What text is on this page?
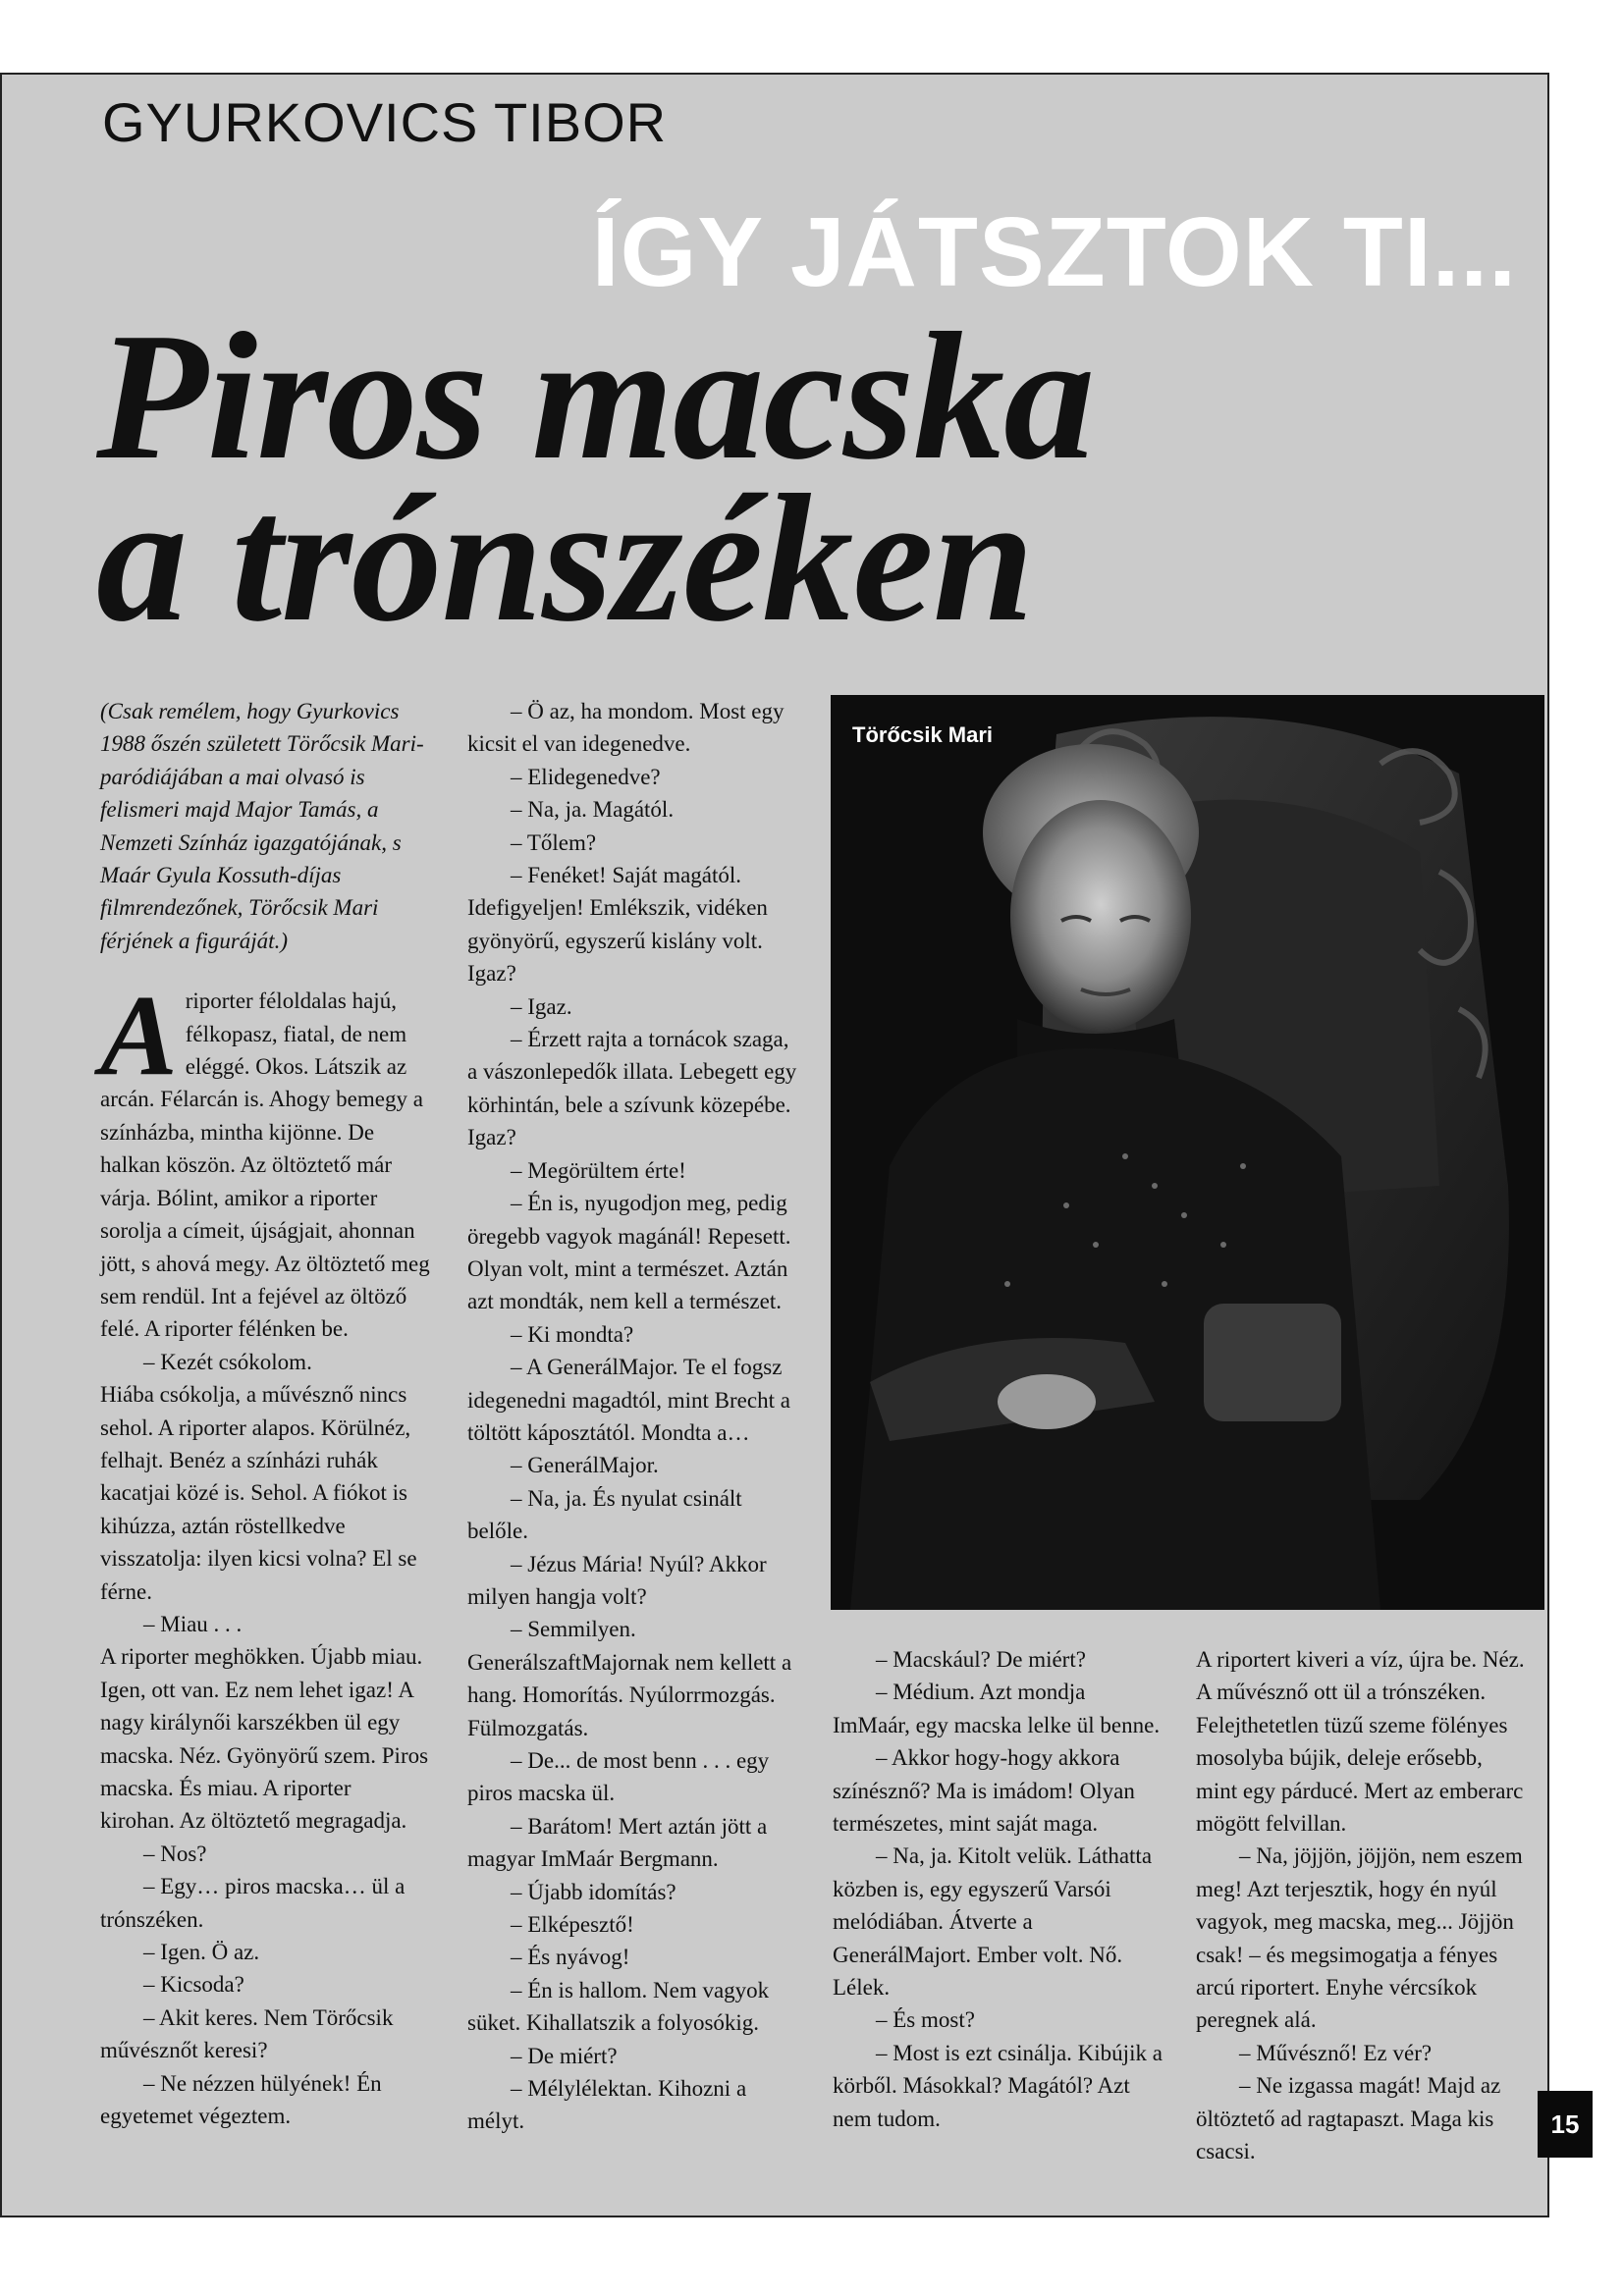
GYURKOVICS TIBOR
ÍGY JÁTSZTOK TI...
Piros macska
a trónszéken

(Csak remélem, hogy Gyurkovics 1988 őszén született Törőcsik Mari-paródiájában a mai olvasó is felismeri majd Major Tamás, a Nemzeti Színház igazgatójának, s Maár Gyula Kossuth-díjas filmrendezőnek, Törőcsik Mari férjének a figuráját.)

A riporter féloldalas hajú, félkopasz, fiatal, de nem eléggé. Okos. Látszik az arcán. Félarcán is. Ahogy bemegy a színházba, mintha kijönne. De halkan köszön. Az öltöztető már várja. Bólint, amikor a riporter sorolja a címeit, újságjait, ahonnan jött, s ahová megy. Az öltöztető meg sem rendül. Int a fejével az öltöző felé. A riporter félénken be.

– Kezét csókolom.

Hiába csókolja, a művésznő nincs sehol. A riporter alapos. Körülnéz, felhajt. Benéz a színházi ruhák kacatjai közé is. Sehol. A fiókot is kihúzza, aztán röstellkedve visszatolja: ilyen kicsi volna? El se férne.

– Miau . . .

A riporter meghökken. Újabb miau. Igen, ott van. Ez nem lehet igaz! A nagy királynői karszékben ül egy macska. Néz. Gyönyörű szem. Piros macska. És miau. A riporter kirohan. Az öltöztető megragadja.

– Nos?

– Egy… piros macska… ül a trónszéken.

– Igen. Ö az.

– Kicsoda?

– Akit keres. Nem Törőcsik művésznőt keresi?

– Ne nézzen hülyének! Én egyetemet végeztem.

– Ö az, ha mondom. Most egy kicsit el van idegenedve.

– Elidegenedve?

– Na, ja. Magától.

– Tőlem?

– Fenéket! Saját magától. Idefigyeljen! Emlékszik, vidéken gyönyörű, egyszerű kislány volt. Igaz?

– Igaz.

– Érzett rajta a tornácok szaga, a vászonlepedők illata. Lebegett egy körhintán, bele a szívunk közepébe. Igaz?

– Megörültem érte!

– Én is, nyugodjon meg, pedig öregebb vagyok magánál! Repesett. Olyan volt, mint a természet. Aztán azt mondták, nem kell a természet.

– Ki mondta?

– A GenerálMajor. Te el fogsz idegenedni magadtól, mint Brecht a töltött káposztától. Mondta a…

– GenerálMajor.

– Na, ja. És nyulat csinált belőle.

– Jézus Mária! Nyúl? Akkor milyen hangja volt?

– Semmilyen. GenerálszaftMajornak nem kellett a hang. Homorítás. Nyúlorrmozgás. Fülmozgatás.

– De... de most benn . . . egy piros macska ül.

– Barátom! Mert aztán jött a magyar ImMaár Bergmann.

– Újabb idomítás?

– Elképesztő!

– És nyávog!

– Én is hallom. Nem vagyok süket. Kihallatszik a folyosókig.

– De miért?

– Mélylélektan. Kihozni a mélyt.

Törőcsik Mari

– Macskául? De miért?

– Médium. Azt mondja ImMaár, egy macska lelke ül benne.

– Akkor hogy-hogy akkora színésznő? Ma is imádom! Olyan természetes, mint saját maga.

– Na, ja. Kitolt velük. Láthatta közben is, egy egyszerű Varsói melódiában. Átverte a GenerálMajort. Ember volt. Nő. Lélek.

– És most?

– Most is ezt csinálja. Kibújik a körből. Másokkal? Magától? Azt nem tudom.

A riportert kiveri a víz, újra be. Néz. A művésznő ott ül a trónszéken. Felejthetetlen tüzű szeme fölényes mosolyba bújik, deleje erősebb, mint egy párducé. Mert az emberarc mögött felvillan.

– Na, jöjjön, jöjjön, nem eszem meg! Azt terjesztik, hogy én nyúl vagyok, meg macska, meg... Jöjjön csak! – és megsimogatja a fényes arcú riportert. Enyhe vércsíkok peregnek alá.

– Művésznő! Ez vér?

– Ne izgassa magát! Majd az öltöztető ad ragtapaszt. Maga kis csacsi.

15
